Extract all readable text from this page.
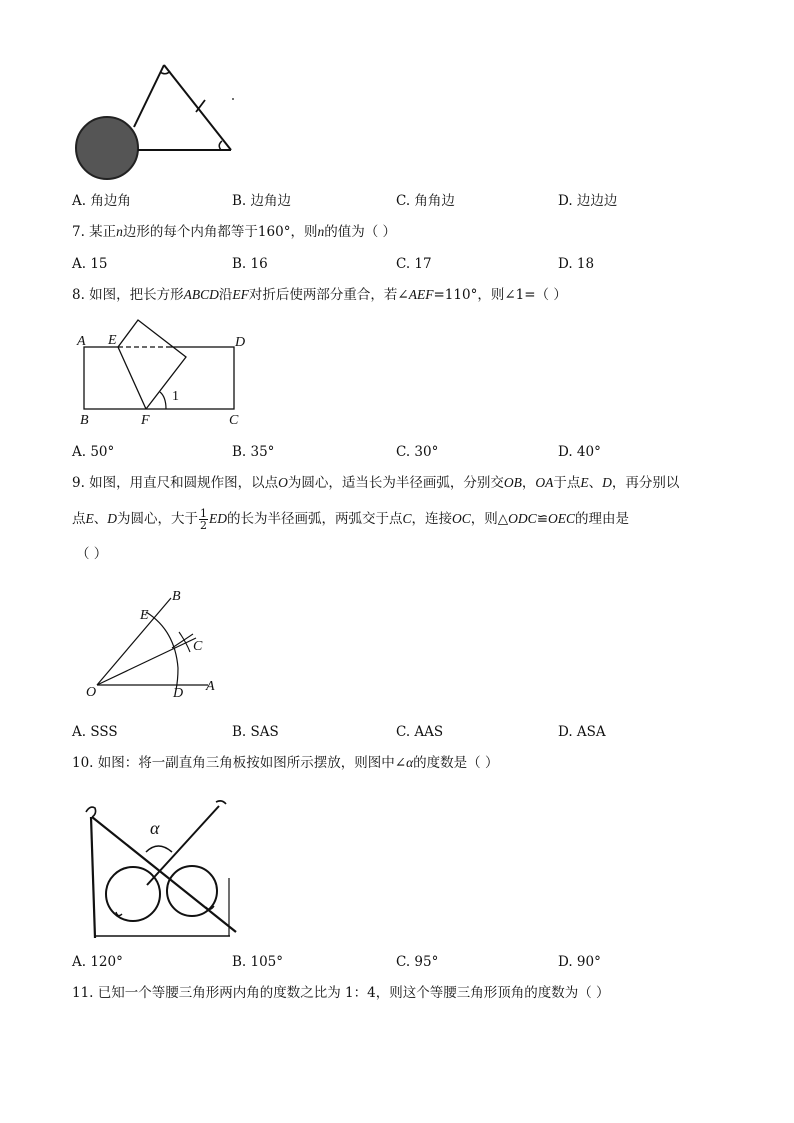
A. 角边角	B. 边角边	C. 角角边	D. 边边边
7. 某正n边形的每个内角都等于160°，则n的值为（ ）
A. 15	B. 16	C. 17	D. 18
8. 如图，把长方形ABCD沿EF对折后使两部分重合，若∠AEF=110°，则∠1=（ ）
A E	D
B	F	C
1
A. 50°	B. 35°	C. 30°	D. 40°
9. 如图，用直尺和圆规作图，以点O为圆心，适当长为半径画弧，分别交OB，OA于点E、D，再分别以
点E、D为圆心，大于 $\frac{1}{2}$ ED的长为半径画弧，两弧交于点C，连接OC，则△ODC≌OEC的理由是
（ ）
B
E
C
O	D A
A. SSS	B. SAS	C. AAS	D. ASA
10. 如图：将一副直角三角板按如图所示摆放，则图中∠α的度数是（ ）
α
A. 120°	B. 105°	C. 95°	D. 90°
11. 已知一个等腰三角形两内角的度数之比为 1：4，则这个等腰三角形顶角的度数为（ ）
